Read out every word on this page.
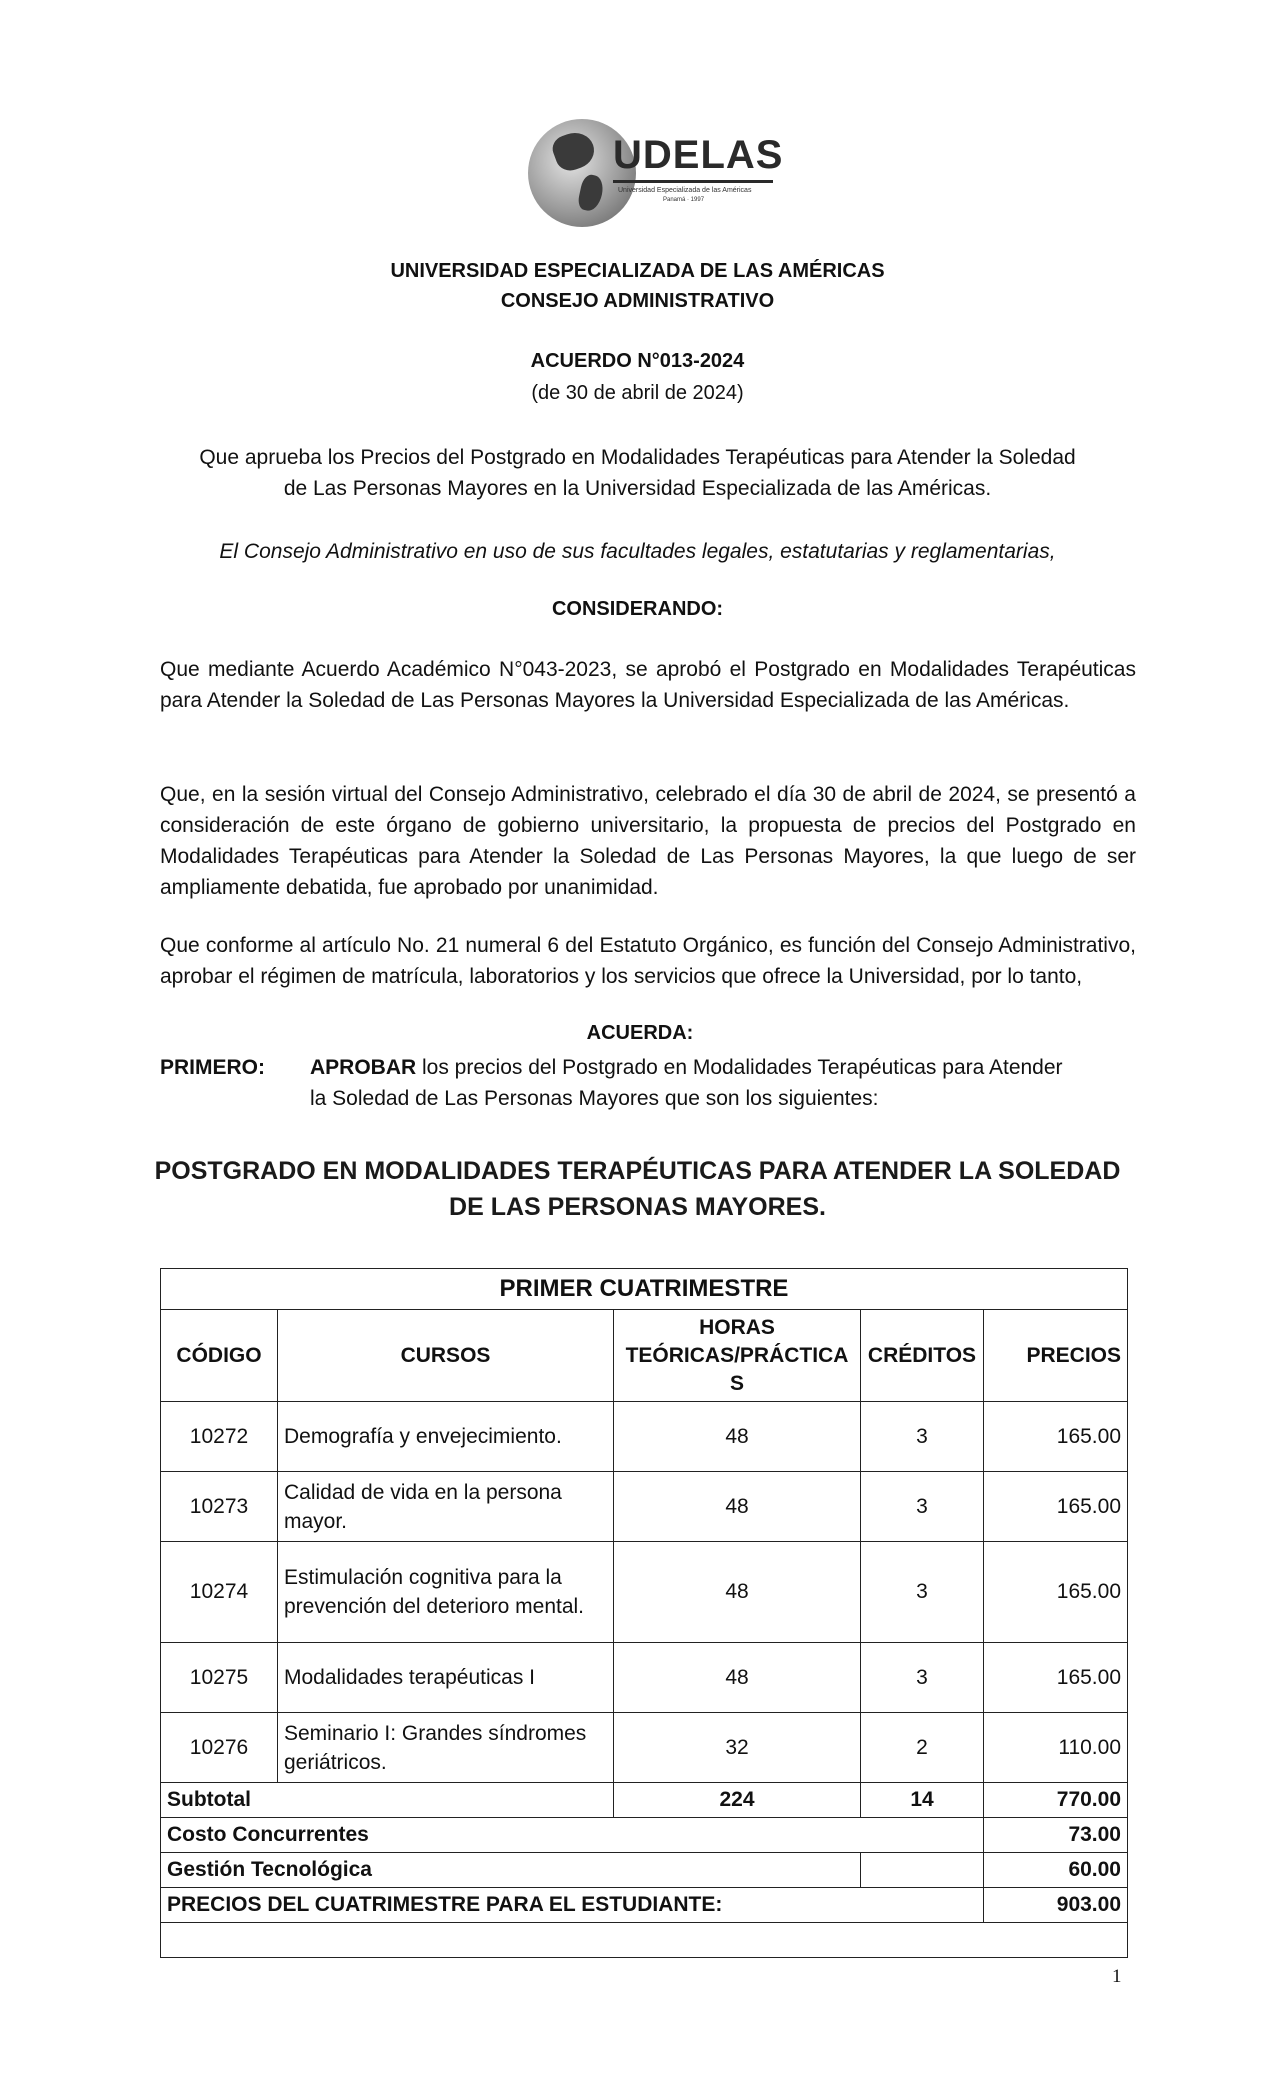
UDELAS
Universidad Especializada de las Américas
Panamá · 1997
UNIVERSIDAD ESPECIALIZADA DE LAS AMÉRICAS
CONSEJO ADMINISTRATIVO
ACUERDO N°013-2024
(de 30 de abril de 2024)
Que aprueba los Precios del Postgrado en Modalidades Terapéuticas para Atender la Soledad
de Las Personas Mayores en la Universidad Especializada de las Américas.
El Consejo Administrativo en uso de sus facultades legales, estatutarias y reglamentarias,
CONSIDERANDO:
Que mediante Acuerdo Académico N°043-2023, se aprobó el Postgrado en Modalidades Terapéuticas para Atender la Soledad de Las Personas Mayores la Universidad Especializada de las Américas.
Que, en la sesión virtual del Consejo Administrativo, celebrado el día 30 de abril de 2024, se presentó a consideración de este órgano de gobierno universitario, la propuesta de precios del Postgrado en Modalidades Terapéuticas para Atender la Soledad de Las Personas Mayores, la que luego de ser ampliamente debatida, fue aprobado por unanimidad.
Que conforme al artículo No. 21 numeral 6 del Estatuto Orgánico, es función del Consejo Administrativo, aprobar el régimen de matrícula, laboratorios y los servicios que ofrece la Universidad, por lo tanto,
ACUERDA:
PRIMERO: APROBAR los precios del Postgrado en Modalidades Terapéuticas para Atender
la Soledad de Las Personas Mayores que son los siguientes:
POSTGRADO EN MODALIDADES TERAPÉUTICAS PARA ATENDER LA SOLEDAD
DE LAS PERSONAS MAYORES.
PRIMER CUATRIMESTRE				
CÓDIGO	CURSOS	HORAS TEÓRICAS/PRÁCTICA S	CRÉDITOS	PRECIOS
10272	Demografía y envejecimiento.	48	3	165.00
10273	Calidad de vida en la persona mayor.	48	3	165.00
10274	Estimulación cognitiva para la prevención del deterioro mental.	48	3	165.00
10275	Modalidades terapéuticas I	48	3	165.00
10276	Seminario I: Grandes síndromes geriátricos.	32	2	110.00
Subtotal		224	14	770.00
Costo Concurrentes				73.00
Gestión Tecnológica				60.00
PRECIOS DEL CUATRIMESTRE PARA EL ESTUDIANTE:				903.00

1
